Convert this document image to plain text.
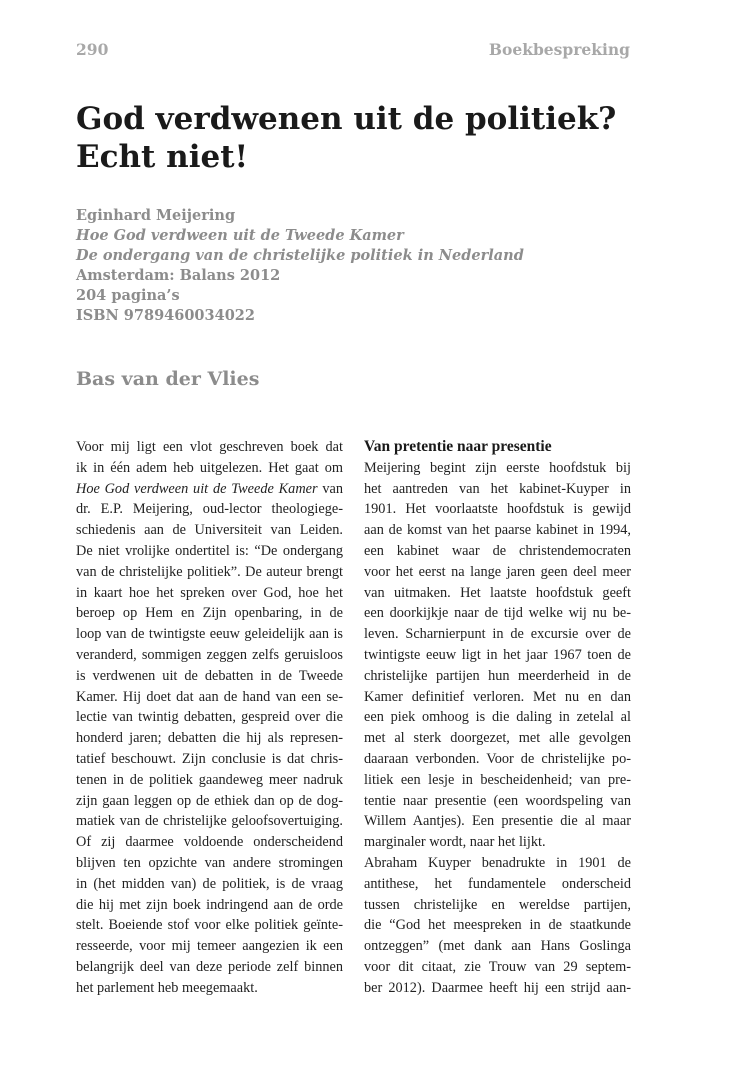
290	Boekbespreking
God verdwenen uit de politiek?
Echt niet!
Eginhard Meijering
Hoe God verdween uit de Tweede Kamer
De ondergang van de christelijke politiek in Nederland
Amsterdam: Balans 2012
204 pagina’s
ISBN 9789460034022
Bas van der Vlies
Voor mij ligt een vlot geschreven boek dat
ik in één adem heb uitgelezen. Het gaat om
Hoe God verdween uit de Tweede Kamer van
dr. E.P. Meijering, oud-lector theologiege-
schiedenis aan de Universiteit van Leiden.
De niet vrolijke ondertitel is: “De ondergang
van de christelijke politiek”. De auteur brengt
in kaart hoe het spreken over God, hoe het
beroep op Hem en Zijn openbaring, in de
loop van de twintigste eeuw geleidelijk aan is
veranderd, sommigen zeggen zelfs geruisloos
is verdwenen uit de debatten in de Tweede
Kamer. Hij doet dat aan de hand van een se-
lectie van twintig debatten, gespreid over die
honderd jaren; debatten die hij als represen-
tatief beschouwt. Zijn conclusie is dat chris-
tenen in de politiek gaandeweg meer nadruk
zijn gaan leggen op de ethiek dan op de dog-
matiek van de christelijke geloofsovertuiging.
Of zij daarmee voldoende onderscheidend
blijven ten opzichte van andere stromingen
in (het midden van) de politiek, is de vraag
die hij met zijn boek indringend aan de orde
stelt. Boeiende stof voor elke politiek geïnte-
resseerde, voor mij temeer aangezien ik een
belangrijk deel van deze periode zelf binnen
het parlement heb meegemaakt.
Van pretentie naar presentie
Meijering begint zijn eerste hoofdstuk bij
het aantreden van het kabinet-Kuyper in
1901. Het voorlaatste hoofdstuk is gewijd
aan de komst van het paarse kabinet in 1994,
een kabinet waar de christendemocraten
voor het eerst na lange jaren geen deel meer
van uitmaken. Het laatste hoofdstuk geeft
een doorkijkje naar de tijd welke wij nu be-
leven. Scharnierpunt in de excursie over de
twintigste eeuw ligt in het jaar 1967 toen de
christelijke partijen hun meerderheid in de
Kamer definitief verloren. Met nu en dan
een piek omhoog is die daling in zetelal al
met al sterk doorgezet, met alle gevolgen
daaraan verbonden. Voor de christelijke po-
litiek een lesje in bescheidenheid; van pre-
tentie naar presentie (een woordspeling van
Willem Aantjes). Een presentie die al maar
marginaler wordt, naar het lijkt.
Abraham Kuyper benadrukte in 1901 de
antithese, het fundamentele onderscheid
tussen christelijke en wereldse partijen,
die “God het meespreken in de staatkunde
ontzeggen” (met dank aan Hans Goslinga
voor dit citaat, zie Trouw van 29 septem-
ber 2012). Daarmee heeft hij een strijd aan-
